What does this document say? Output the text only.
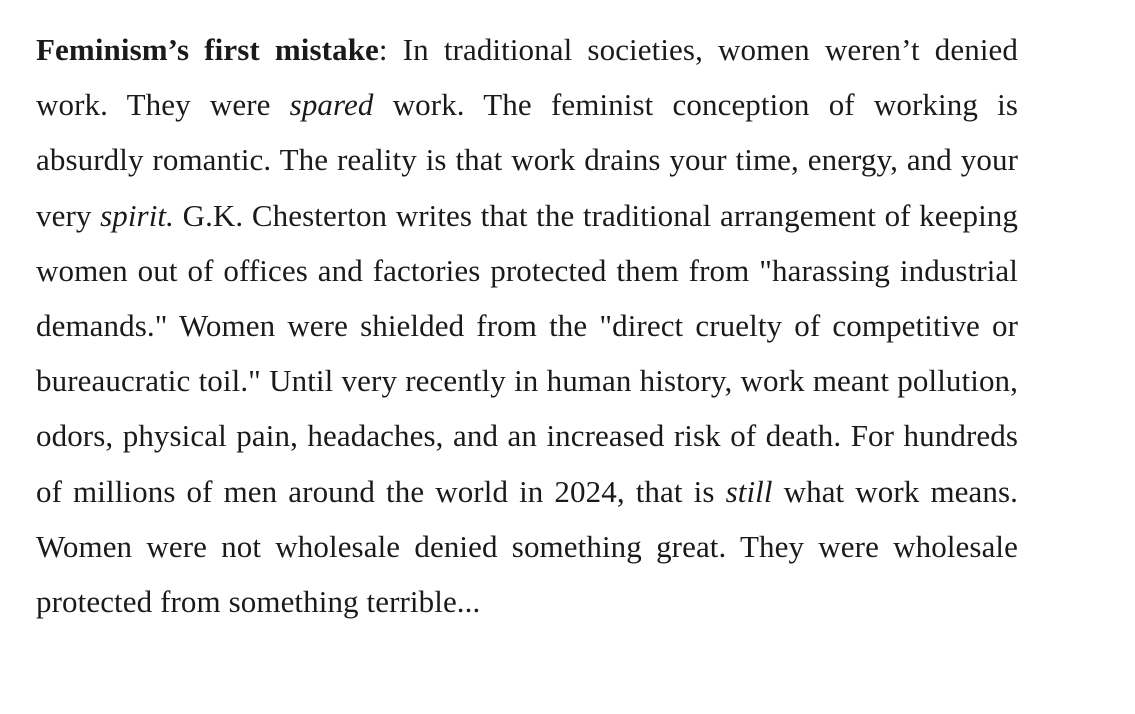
Feminism’s first mistake: In traditional societies, women weren’t denied work. They were spared work. The feminist conception of working is absurdly romantic. The reality is that work drains your time, energy, and your very spirit. G.K. Chesterton writes that the traditional arrangement of keeping women out of offices and factories protected them from "harassing industrial demands." Women were shielded from the "direct cruelty of competitive or bureaucratic toil." Until very recently in human history, work meant pollution, odors, physical pain, headaches, and an increased risk of death. For hundreds of millions of men around the world in 2024, that is still what work means. Women were not wholesale denied something great. They were wholesale protected from something terrible...
